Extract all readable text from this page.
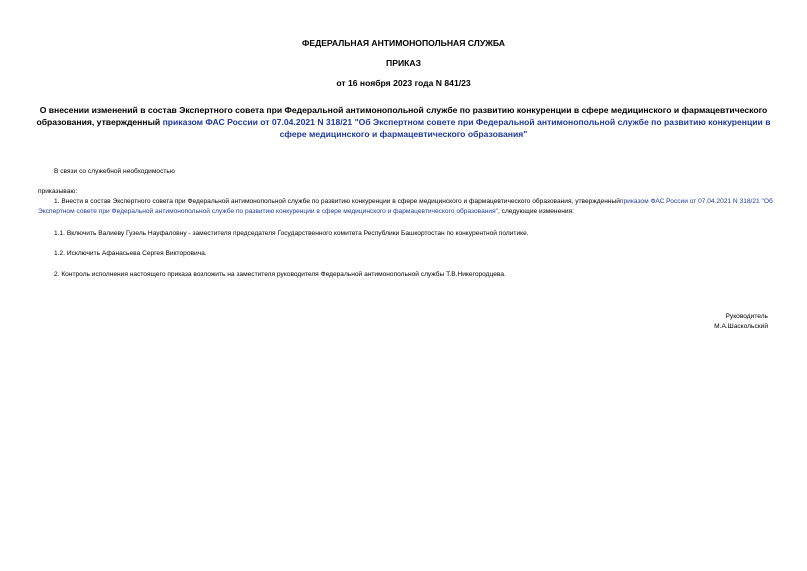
ФЕДЕРАЛЬНАЯ АНТИМОНОПОЛЬНАЯ СЛУЖБА
ПРИКАЗ
от 16 ноября 2023 года N 841/23
О внесении изменений в состав Экспертного совета при Федеральной антимонопольной службе по развитию конкуренции в сфере медицинского и фармацевтического образования, утвержденный приказом ФАС России от 07.04.2021 N 318/21 "Об Экспертном совете при Федеральной антимонопольной службе по развитию конкуренции в сфере медицинского и фармацевтического образования"
В связи со служебной необходимостью
приказываю:
1. Внести в состав Экспертного совета при Федеральной антимонопольной службе по развитию конкуренции в сфере медицинского и фармацевтического образования, утвержденныйприказом ФАС России от 07.04.2021 N 318/21 "Об Экспертном совете при Федеральной антимонопольной службе по развитию конкуренции в сфере медицинского и фармацевтического образования", следующие изменения:
1.1. Включить Валиеву Гузель Науфаловну - заместителя председателя Государственного комитета Республики Башкортостан по конкурентной политике.
1.2. Исключить Афанасьева Сергея Викторовича.
2. Контроль исполнения настоящего приказа возложить на заместителя руководителя Федеральной антимонопольной службы Т.В.Никегородцева.
Руководитель
М.А.Шаскольский
